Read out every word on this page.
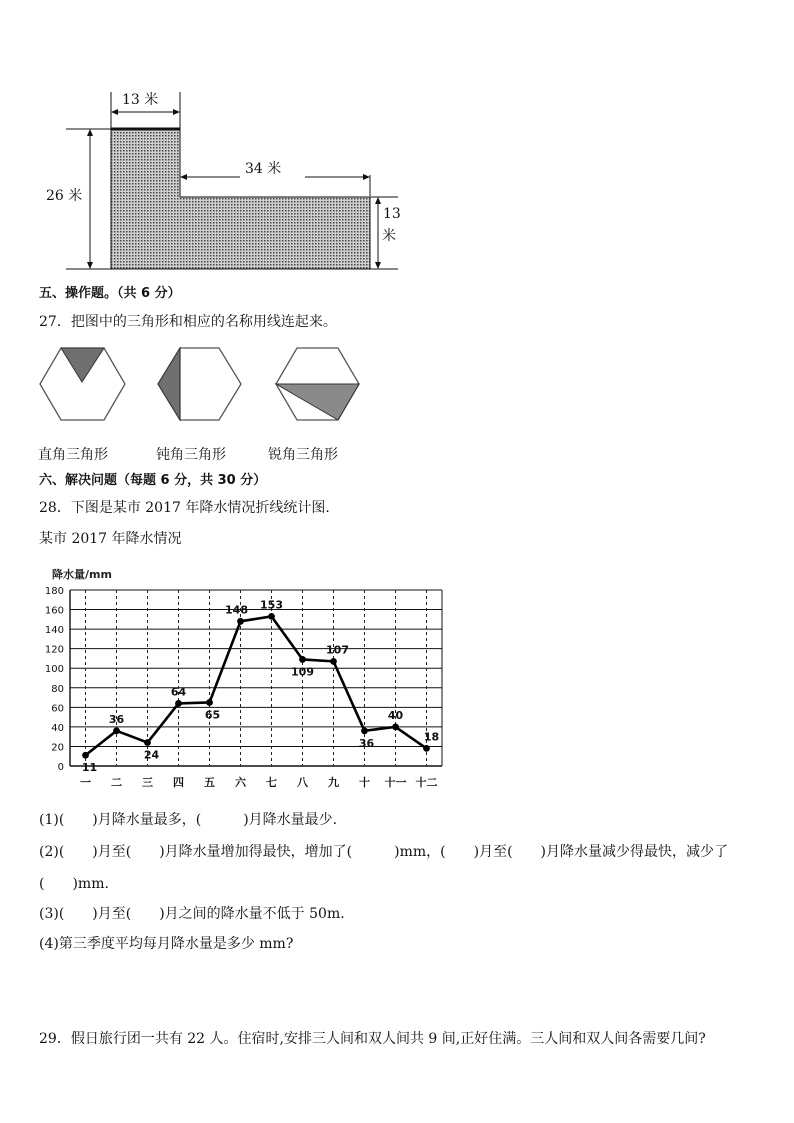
13 米
26 米
34 米
13
米
五、操作题。（共 6 分）
27．把图中的三角形和相应的名称用线连起来。
直角三角形	钝角三角形	锐角三角形
六、解决问题（每题 6 分，共 30 分）
28．下图是某市 2017 年降水情况折线统计图.
某市 2017 年降水情况
降水量/mm
0
20
40
60
80
100
120
140
160
180
一 二 三 四 五 六 七 八 九 十 十一 十二
11
36
24
64
65
148 153
109
107
36
40
18
(1)(　　)月降水量最多，(　　　)月降水量最少.
(2)(　　)月至(　　)月降水量增加得最快，增加了(　　　)mm，(　　)月至(　　)月降水量减少得最快，减少了
(　　)mm.
(3)(　　)月至(　　)月之间的降水量不低于 50m.
(4)第三季度平均每月降水量是多少 mm?
29．假日旅行团一共有 22 人。住宿时,安排三人间和双人间共 9 间,正好住满。三人间和双人间各需要几间?
